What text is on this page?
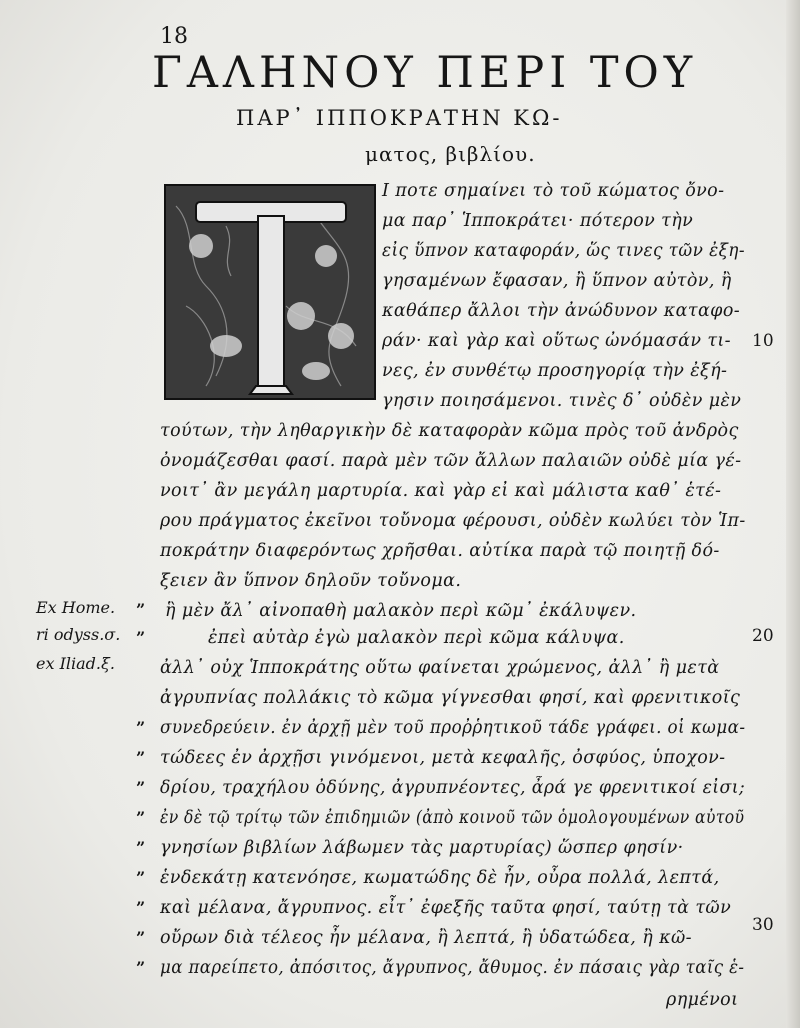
18
ΓΑΛΗΝΟΥ ΠΕΡΙ ΤΟΥ
ΠΑΡ᾿ ΙΠΠΟΚΡΑΤΗΝ ΚΩ-
ματος, βιβλίου.
Ι ποτε σημαίνει τὸ τοῦ κώματος ὄνο-
μα παρ᾿ Ἱπποκράτει· πότερον τὴν
εἰς ὕπνον καταφοράν, ὥς τινες τῶν ἐξη-
γησαμένων ἔφασαν, ἢ ὕπνον αὐτὸν, ἢ
καθάπερ ἄλλοι τὴν ἀνώδυνον καταφο-
ράν· καὶ γὰρ καὶ οὕτως ὠνόμασάν τι-
νες, ἐν συνθέτῳ προσηγορίᾳ τὴν ἐξή-
γησιν ποιησάμενοι. τινὲς δ᾿ οὐδὲν μὲν
τούτων, τὴν ληθαργικὴν δὲ καταφορὰν κῶμα πρὸς τοῦ ἀνδρὸς
ὀνομάζεσθαι φασί. παρὰ μὲν τῶν ἄλλων παλαιῶν οὐδὲ μία γέ-
νοιτ᾿ ἂν μεγάλη μαρτυρία. καὶ γὰρ εἰ καὶ μάλιστα καθ᾿ ἑτέ-
ρου πράγματος ἐκεῖνοι τοὔνομα φέρουσι, οὐδὲν κωλύει τὸν Ἱπ-
ποκράτην διαφερόντως χρῆσθαι. αὐτίκα παρὰ τῷ ποιητῇ δό-
ξειεν ἂν ὕπνον δηλοῦν τοὔνομα.
ἣ μὲν ἄλ᾿ αἰνοπαθὴ μαλακὸν περὶ κῶμ᾿ ἐκάλυψεν.
ἐπεὶ αὐτὰρ ἐγὼ μαλακὸν περὶ κῶμα κάλυψα.
ἀλλ᾿ οὐχ Ἱπποκράτης οὕτω φαίνεται χρώμενος, ἀλλ᾿ ἢ μετὰ
ἀγρυπνίας πολλάκις τὸ κῶμα γίγνεσθαι φησί, καὶ φρενιτικοῖς
συνεδρεύειν. ἐν ἀρχῇ μὲν τοῦ προῤῥητικοῦ τάδε γράφει. οἱ κωμα-
τώδεες ἐν ἀρχῇσι γινόμενοι, μετὰ κεφαλῆς, ὀσφύος, ὑποχον-
δρίου, τραχήλου ὀδύνης, ἀγρυπνέοντες, ἆρά γε φρενιτικοί εἰσι;
ἐν δὲ τῷ τρίτῳ τῶν ἐπιδημιῶν (ἀπὸ κοινοῦ τῶν ὁμολογουμένων αὐτοῦ
γνησίων βιβλίων λάβωμεν τὰς μαρτυρίας) ὥσπερ φησίν·
ἑνδεκάτῃ κατενόησε, κωματώδης δὲ ἦν, οὖρα πολλά, λεπτά,
καὶ μέλανα, ἄγρυπνος. εἶτ᾿ ἐφεξῆς ταῦτα φησί, ταύτῃ τὰ τῶν
οὔρων διὰ τέλεος ἦν μέλανα, ἢ λεπτά, ἢ ὑδατώδεα, ἢ κῶ-
μα παρείπετο, ἀπόσιτος, ἄγρυπνος, ἄθυμος. ἐν πάσαις γὰρ ταῖς ἑ-
ρημένοι
Ex Home.
ri odyss.σ.
ex Iliad.ξ.
”
”
”
”
”
”
”
”
”
”
”
10
20
30
